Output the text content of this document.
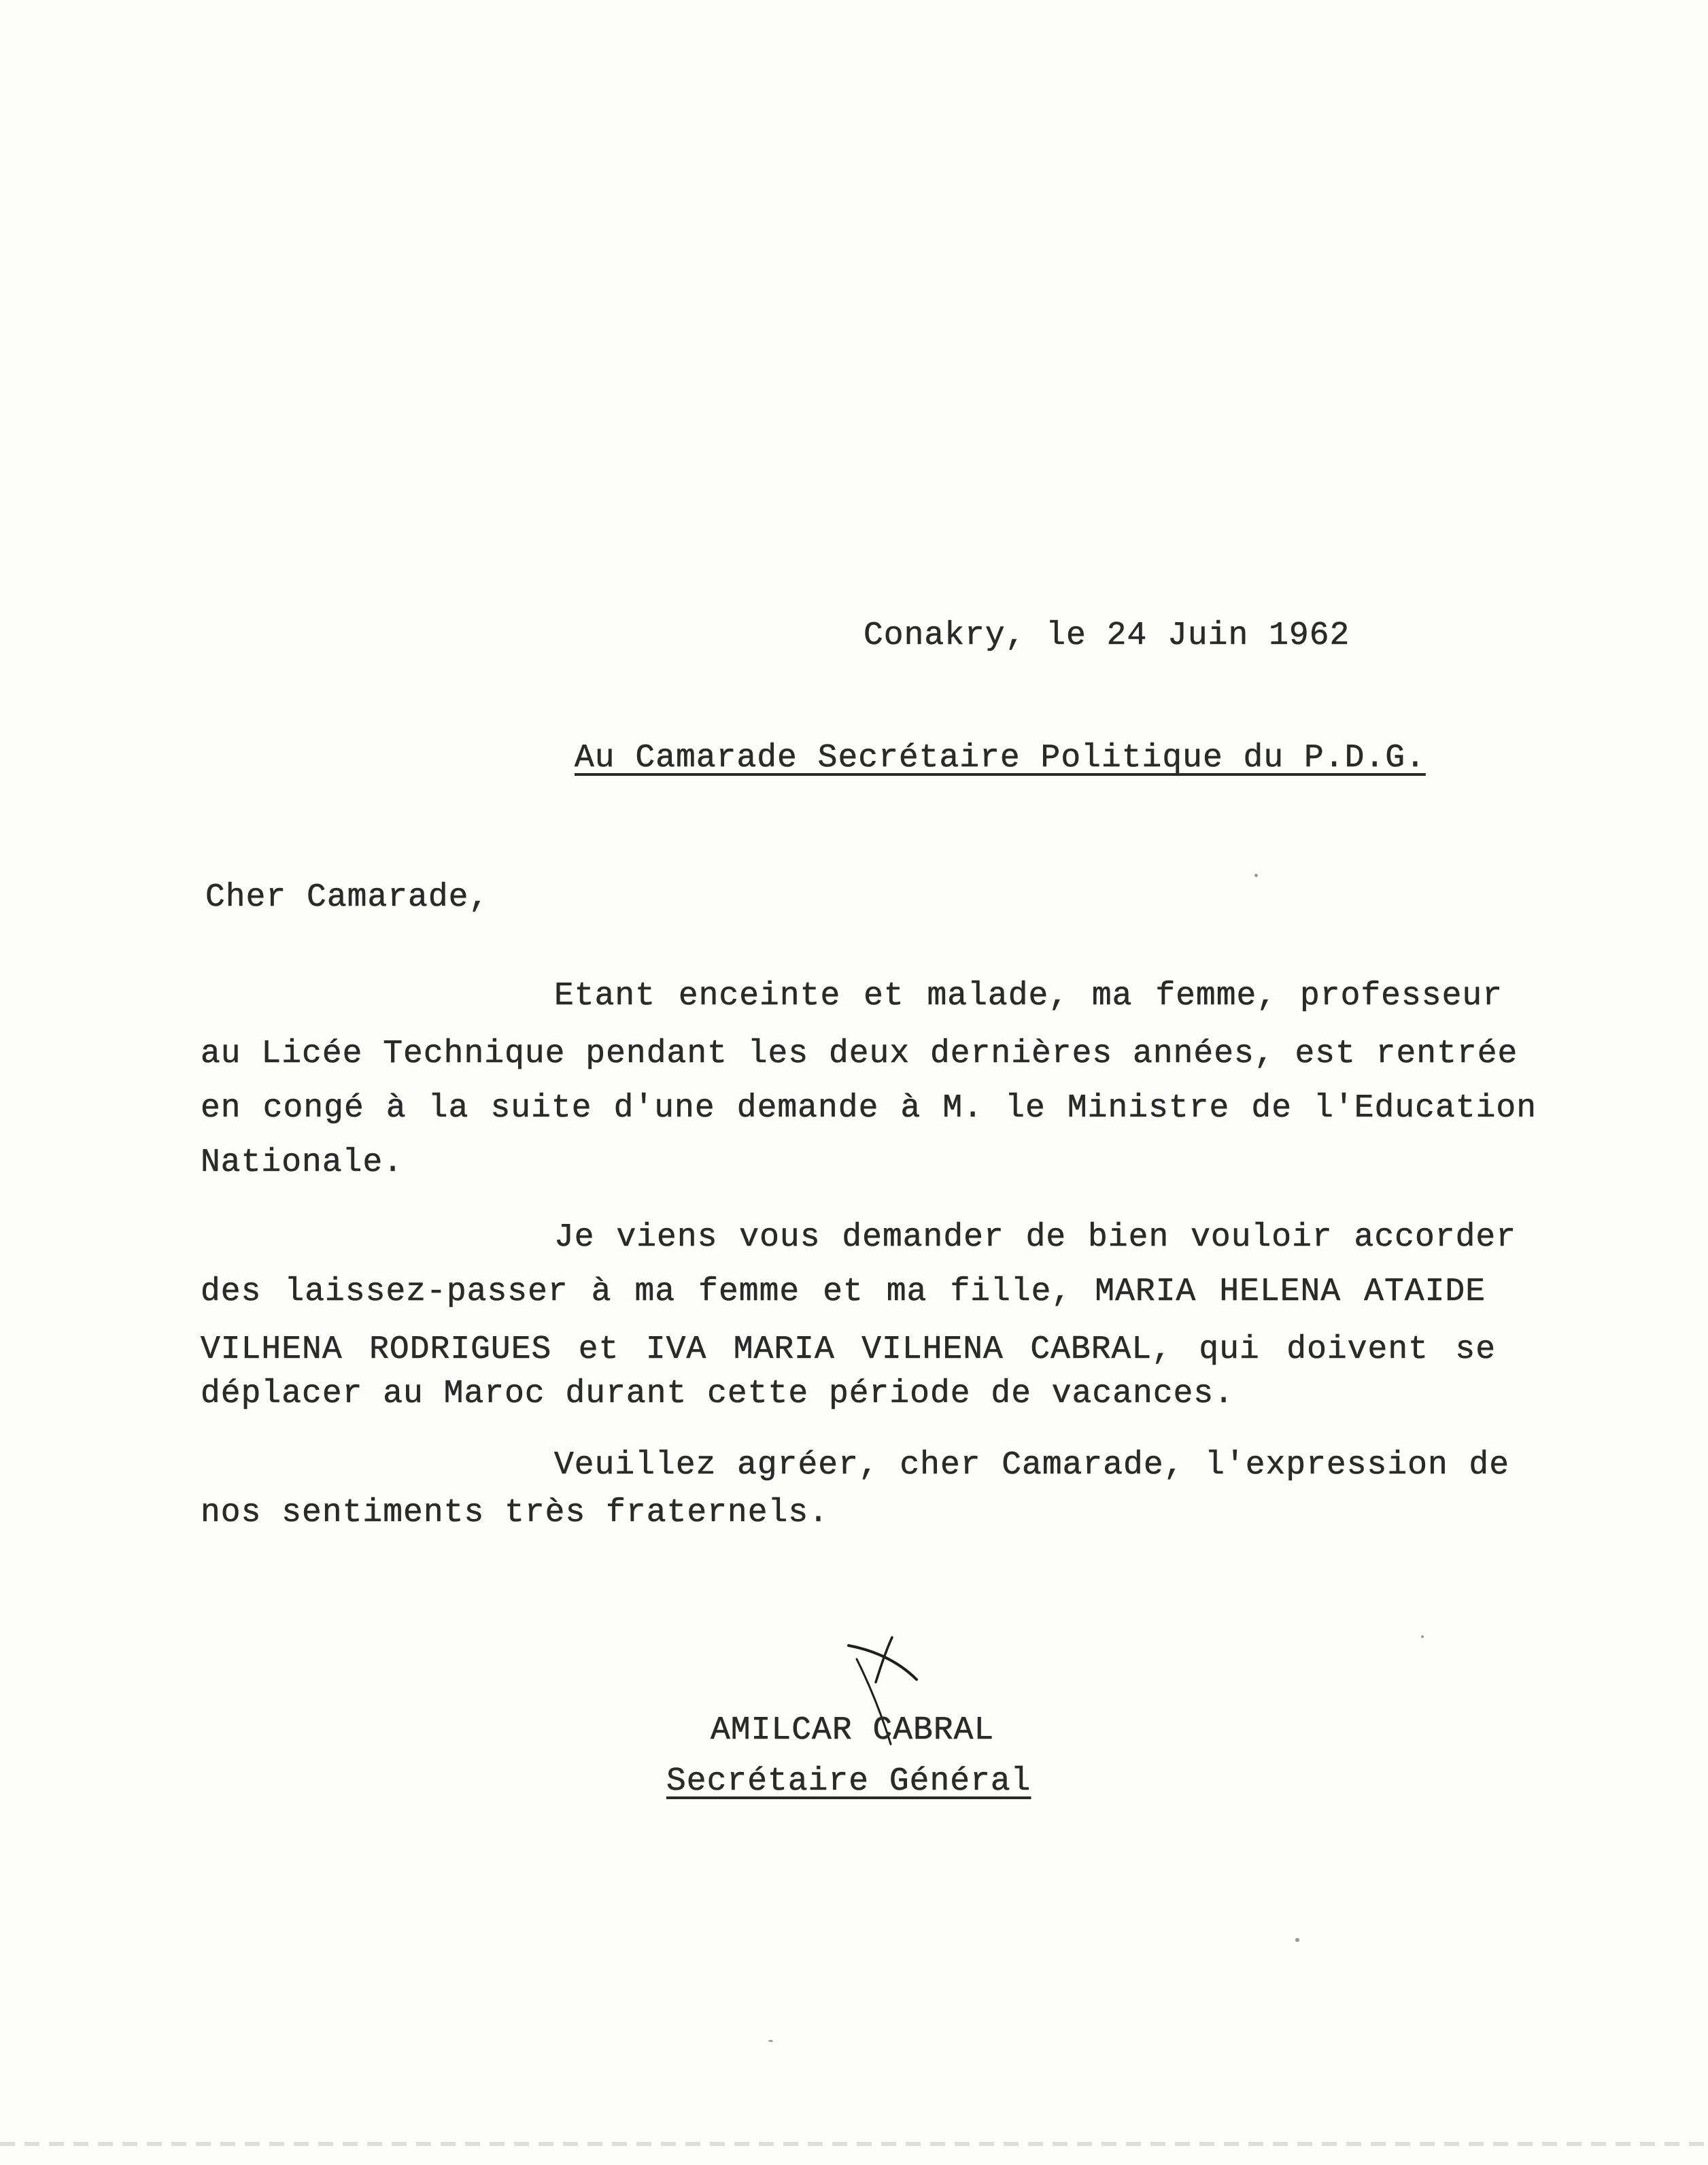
Conakry, le 24 Juin 1962
Au Camarade Secrétaire Politique du P.D.G.
Cher Camarade,
Etant enceinte et malade, ma femme, professeur
au Licée Technique pendant les deux dernières années, est rentrée
en congé à la suite d'une demande à M. le Ministre de l'Education
Nationale.
Je viens vous demander de bien vouloir accorder
des laissez-passer à ma femme et ma fille, MARIA HELENA ATAIDE
VILHENA RODRIGUES et IVA MARIA VILHENA CABRAL, qui doivent se
déplacer au Maroc durant cette période de vacances.
Veuillez agréer, cher Camarade, l'expression de
nos sentiments très fraternels.
AMILCAR CABRAL
Secrétaire Général
